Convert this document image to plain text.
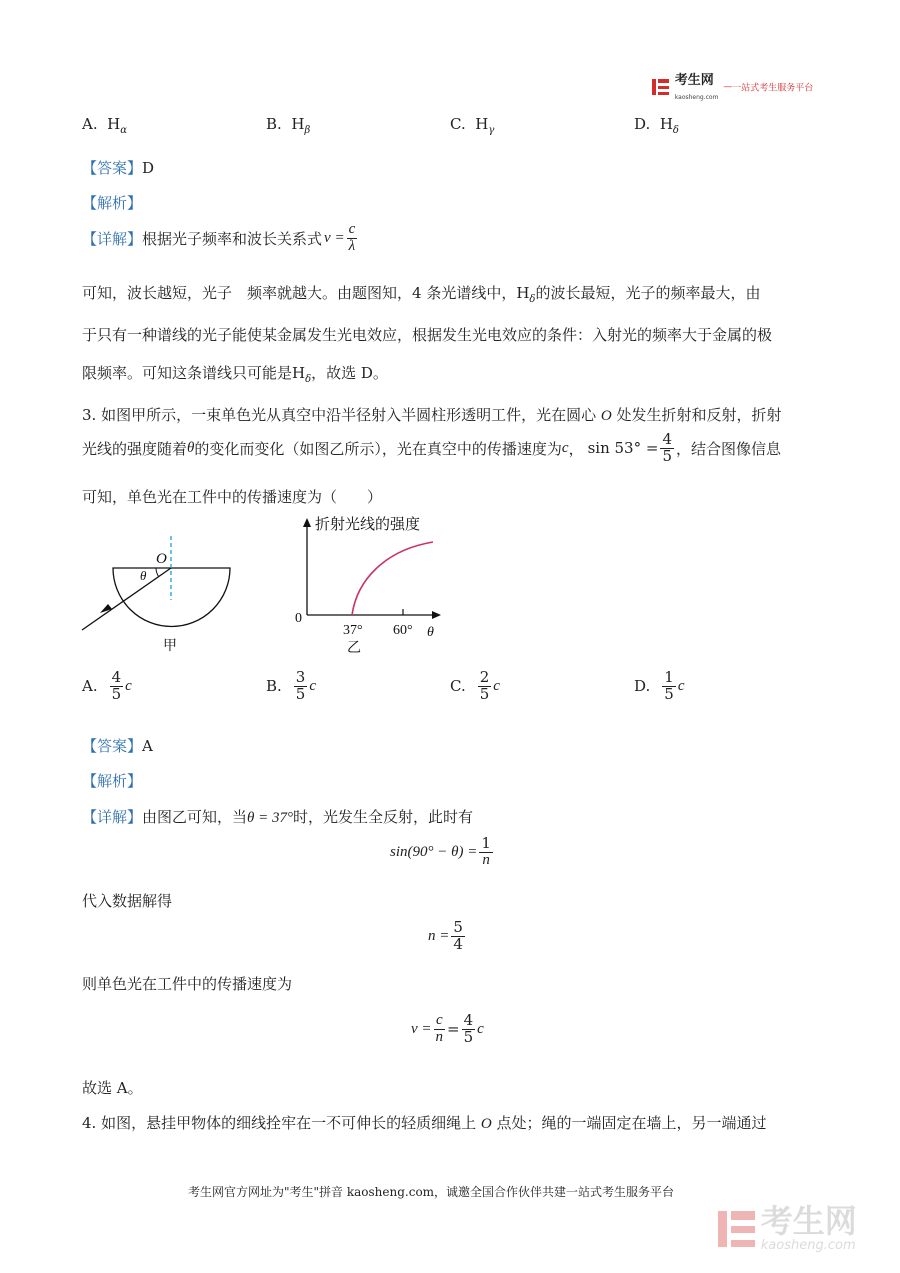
考生网
kaosheng.com —一站式考生服务平台
A. $H_\alpha$	B. $H_\beta$	C. $H_\gamma$	D. $H_\delta$
【答案】D
【解析】
【详解】 根据光子频率和波长关系式 $\nu = \frac{c}{\lambda}$
可知，波长越短，光子　频率就越大。由题图知，4 条光谱线中，$H_\delta$的波长最短，光子的频率最大，由
于只有一种谱线的光子能使某金属发生光电效应，根据发生光电效应的条件：入射光的频率大于金属的极
限频率。可知这条谱线只可能是$H_\delta$，故选 D。
3. 如图甲所示，一束单色光从真空中沿半径射入半圆柱形透明工件，光在圆心 O 处发生折射和反射，折射
光线的强度随着 θ 的变化而变化（如图乙所示），光在真空中的传播速度为 c ， $\sin 53^\circ = \frac{4}{5}$ ，结合图像信息
可知，单色光在工件中的传播速度为（　　）
O
θ
甲
折射光线的强度
0
37° 60° θ
乙
A. $\frac{4}{5}$ c	B. $\frac{3}{5}$ c	C. $\frac{2}{5}$ c	D. $\frac{1}{5}$ c
【答案】A
【解析】
【详解】由图乙可知，当θ = 37°时，光发生全反射，此时有
$\sin(90^\circ - \theta) = \frac{1}{n}$
代入数据解得
$n = \frac{5}{4}$
则单色光在工件中的传播速度为
$v = \frac{c}{n} = \frac{4}{5}$ c
故选 A。
4. 如图，悬挂甲物体的细线拴牢在一不可伸长的轻质细绳上 O 点处；绳的一端固定在墙上，另一端通过
考生网官方网址为"考生"拼音 kaosheng.com，诚邀全国合作伙伴共建一站式考生服务平台
考生网
kaosheng.com
